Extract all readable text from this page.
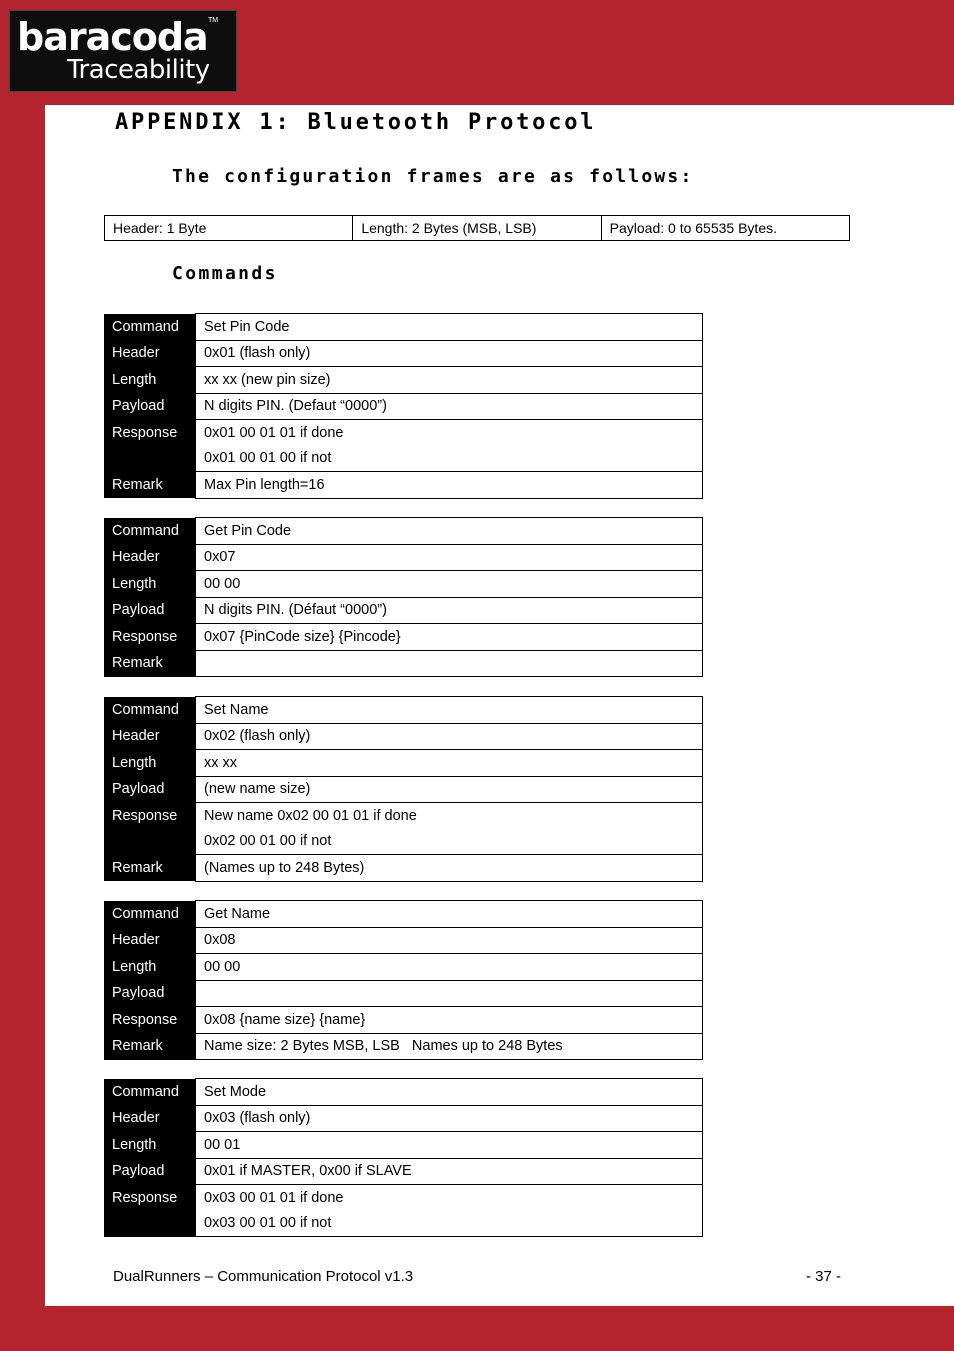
baracoda TM
Traceability
APPENDIX 1: Bluetooth Protocol
The configuration frames are as follows:
Header: 1 Byte	Length: 2 Bytes (MSB, LSB)	Payload: 0 to 65535 Bytes.
Commands
Command	Set Pin Code
Header	0x01 (flash only)
Length	xx xx (new pin size)
Payload	N digits PIN. (Defaut “0000”)
Response	0x01 00 01 01 if done
	0x01 00 01 00 if not
Remark	Max Pin length=16
Command	Get Pin Code
Header	0x07
Length	00 00
Payload	N digits PIN. (Défaut “0000”)
Response	0x07 {PinCode size} {Pincode}
Remark	
Command	Set Name
Header	0x02 (flash only)
Length	xx xx
Payload	(new name size)
Response	New name 0x02 00 01 01 if done
	0x02 00 01 00 if not
Remark	(Names up to 248 Bytes)
Command	Get Name
Header	0x08
Length	00 00
Payload	
Response	0x08 {name size} {name}
Remark	Name size: 2 Bytes MSB, LSB   Names up to 248 Bytes
Command	Set Mode
Header	0x03 (flash only)
Length	00 01
Payload	0x01 if MASTER, 0x00 if SLAVE
Response	0x03 00 01 01 if done
	0x03 00 01 00 if not
DualRunners – Communication Protocol v1.3	- 37 -
